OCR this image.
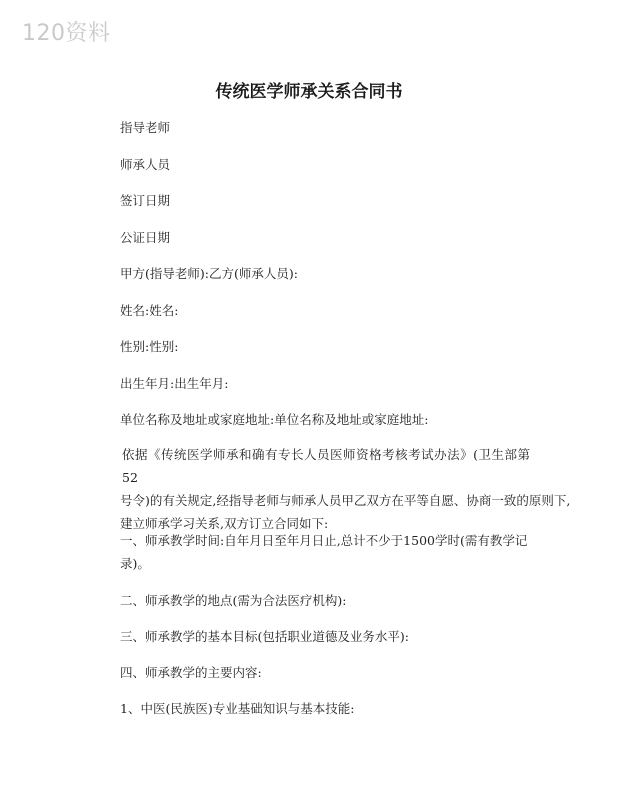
120资料
传统医学师承关系合同书
指导老师
师承人员
签订日期
公证日期
甲方(指导老师):乙方(师承人员):
姓名:姓名:
性别:性别:
出生年月:出生年月:
单位名称及地址或家庭地址:单位名称及地址或家庭地址:
依据《传统医学师承和确有专长人员医师资格考核考试办法》(卫生部第52
号令)的有关规定,经指导老师与师承人员甲乙双方在平等自愿、协商一致的原则下,
建立师承学习关系,双方订立合同如下:
一、师承教学时间:自年月日至年月日止,总计不少于1500学时(需有教学记
录)。
二、师承教学的地点(需为合法医疗机构):
三、师承教学的基本目标(包括职业道德及业务水平):
四、师承教学的主要内容:
1、中医(民族医)专业基础知识与基本技能:
